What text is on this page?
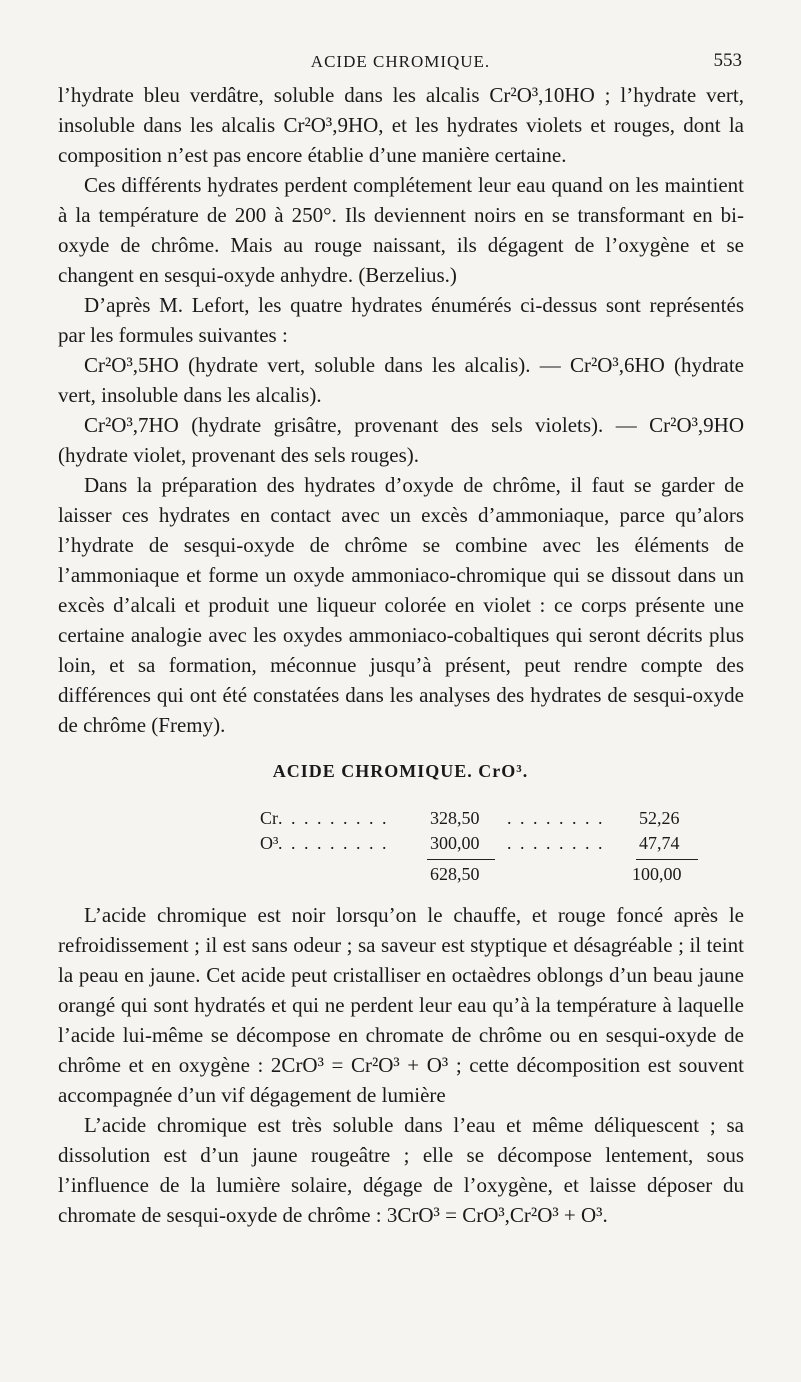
ACIDE CHROMIQUE.	553

l’hydrate bleu verdâtre, soluble dans les alcalis Cr²O³,10HO ; l’hydrate vert, insoluble dans les alcalis Cr²O³,9HO, et les hydrates violets et rouges, dont la composition n’est pas encore établie d’une manière certaine.

Ces différents hydrates perdent complétement leur eau quand on les maintient à la température de 200 à 250°. Ils deviennent noirs en se transformant en bi-oxyde de chrôme. Mais au rouge naissant, ils dégagent de l’oxygène et se changent en sesqui-oxyde anhydre. (Berzelius.)

D’après M. Lefort, les quatre hydrates énumérés ci-dessus sont représentés par les formules suivantes :

Cr²O³,5HO (hydrate vert, soluble dans les alcalis). — Cr²O³,6HO (hydrate vert, insoluble dans les alcalis).

Cr²O³,7HO (hydrate grisâtre, provenant des sels violets). — Cr²O³,9HO (hydrate violet, provenant des sels rouges).

Dans la préparation des hydrates d’oxyde de chrôme, il faut se garder de laisser ces hydrates en contact avec un excès d’ammoniaque, parce qu’alors l’hydrate de sesqui-oxyde de chrôme se combine avec les éléments de l’ammoniaque et forme un oxyde ammoniaco-chromique qui se dissout dans un excès d’alcali et produit une liqueur colorée en violet : ce corps présente une certaine analogie avec les oxydes ammoniaco-cobaltiques qui seront décrits plus loin, et sa formation, méconnue jusqu’à présent, peut rendre compte des différences qui ont été constatées dans les analyses des hydrates de sesqui-oxyde de chrôme (Fremy).

ACIDE CHROMIQUE. CrO³.
Cr . . . . . . . . .	328,50 . . . . . . . .	52,26
O³ . . . . . . . . .	300,00 . . . . . . . .	47,74
628,50	100,00

L’acide chromique est noir lorsqu’on le chauffe, et rouge foncé après le refroidissement ; il est sans odeur ; sa saveur est styptique et désagréable ; il teint la peau en jaune. Cet acide peut cristalliser en octaèdres oblongs d’un beau jaune orangé qui sont hydratés et qui ne perdent leur eau qu’à la température à laquelle l’acide lui-même se décompose en chromate de chrôme ou en sesqui-oxyde de chrôme et en oxygène : 2CrO³ = Cr²O³ + O³ ; cette décomposition est souvent accompagnée d’un vif dégagement de lumière

L’acide chromique est très soluble dans l’eau et même déliquescent ; sa dissolution est d’un jaune rougeâtre ; elle se décompose lentement, sous l’influence de la lumière solaire, dégage de l’oxygène, et laisse déposer du chromate de sesqui-oxyde de chrôme : 3CrO³ = CrO³,Cr²O³ + O³.
